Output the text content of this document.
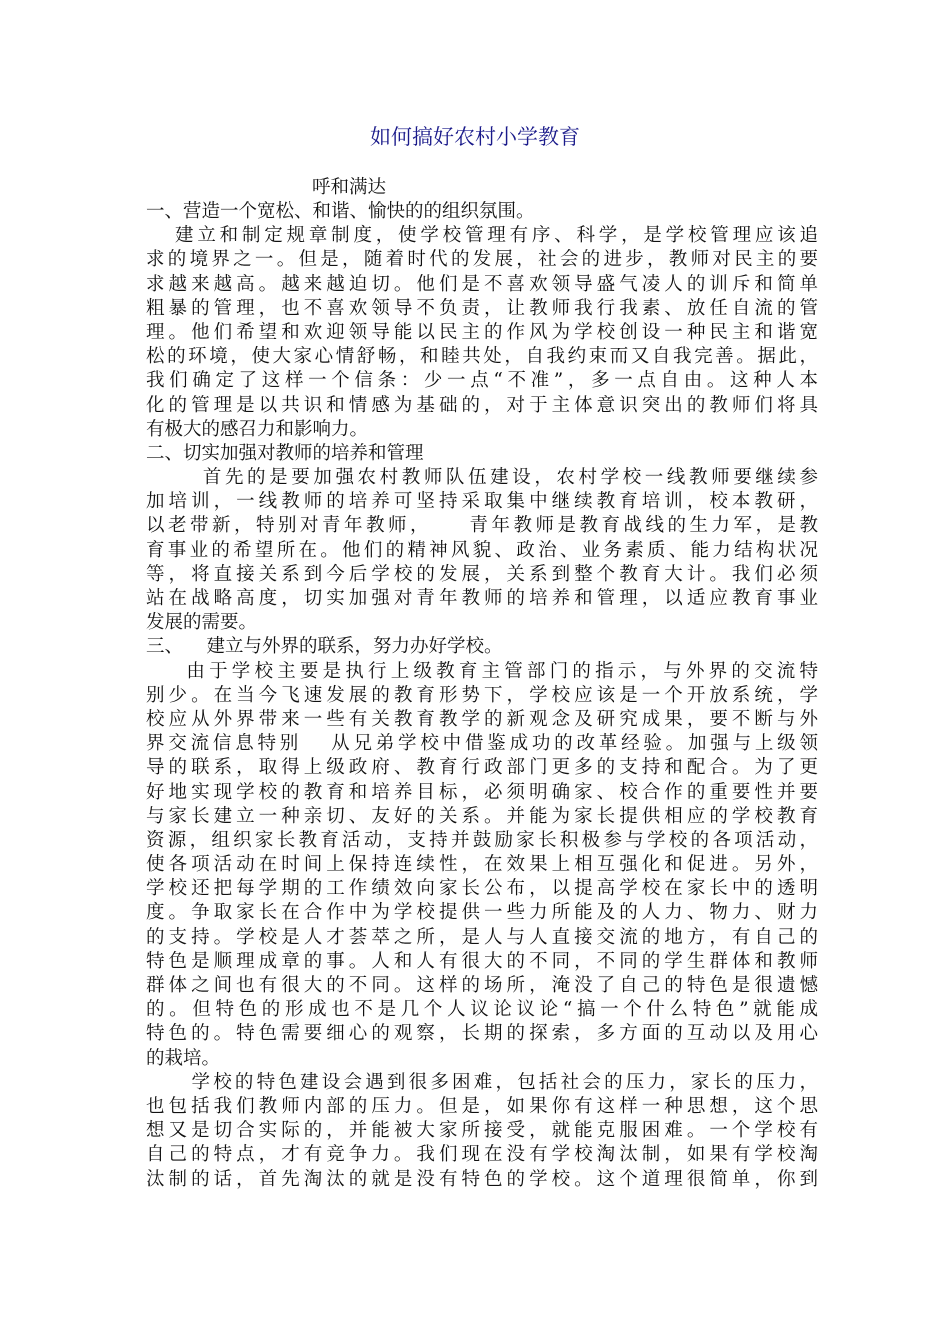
如何搞好农村小学教育
呼和满达
一、营造一个宽松、和谐、愉快的的组织氛围。
建立和制定规章制度，使学校管理有序、科学，是学校管理应该追
求的境界之一。但是，随着时代的发展，社会的进步，教师对民主的要
求越来越高。越来越迫切。他们是不喜欢领导盛气凌人的训斥和简单
粗暴的管理，也不喜欢领导不负责，让教师我行我素、放任自流的管
理。他们希望和欢迎领导能以民主的作风为学校创设一种民主和谐宽
松的环境，使大家心情舒畅，和睦共处，自我约束而又自我完善。据此，
我们确定了这样一个信条：少一点“不准”，多一点自由。这种人本
化的管理是以共识和情感为基础的，对于主体意识突出的教师们将具
有极大的感召力和影响力。
二、切实加强对教师的培养和管理
首先的是要加强农村教师队伍建设，农村学校一线教师要继续参
加培训，一线教师的培养可坚持采取集中继续教育培训，校本教研，
以老带新，特别对青年教师，    青年教师是教育战线的生力军，是教
育事业的希望所在。他们的精神风貌、政治、业务素质、能力结构状况
等，将直接关系到今后学校的发展，关系到整个教育大计。我们必须
站在战略高度，切实加强对青年教师的培养和管理，以适应教育事业
发展的需要。
三、    建立与外界的联系，努力办好学校。
由于学校主要是执行上级教育主管部门的指示，与外界的交流特
别少。在当今飞速发展的教育形势下，学校应该是一个开放系统，学
校应从外界带来一些有关教育教学的新观念及研究成果，要不断与外
界交流信息特别   从兄弟学校中借鉴成功的改革经验。加强与上级领
导的联系，取得上级政府、教育行政部门更多的支持和配合。为了更
好地实现学校的教育和培养目标，必须明确家、校合作的重要性并要
与家长建立一种亲切、友好的关系。并能为家长提供相应的学校教育
资源，组织家长教育活动，支持并鼓励家长积极参与学校的各项活动，
使各项活动在时间上保持连续性，在效果上相互强化和促进。另外，
学校还把每学期的工作绩效向家长公布，以提高学校在家长中的透明
度。争取家长在合作中为学校提供一些力所能及的人力、物力、财力
的支持。学校是人才荟萃之所，是人与人直接交流的地方，有自己的
特色是顺理成章的事。人和人有很大的不同，不同的学生群体和教师
群体之间也有很大的不同。这样的场所，淹没了自己的特色是很遗憾
的。但特色的形成也不是几个人议论议论“搞一个什么特色”就能成
特色的。特色需要细心的观察，长期的探索，多方面的互动以及用心
的栽培。
学校的特色建设会遇到很多困难，包括社会的压力，家长的压力，
也包括我们教师内部的压力。但是，如果你有这样一种思想，这个思
想又是切合实际的，并能被大家所接受，就能克服困难。一个学校有
自己的特点，才有竞争力。我们现在没有学校淘汰制，如果有学校淘
汰制的话，首先淘汰的就是没有特色的学校。这个道理很简单，你到
